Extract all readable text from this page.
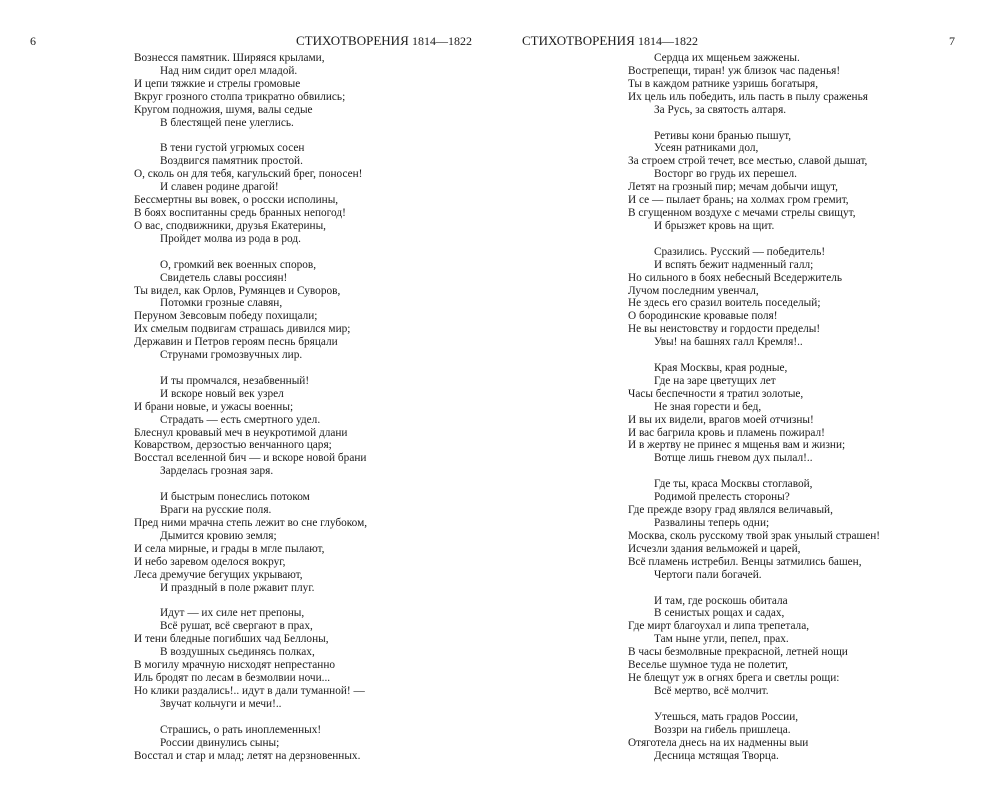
6	СТИХОТВОРЕНИЯ 1814—1822
Вознесся памятник. Ширяяся крылами,
Над ним сидит орел младой.
И цепи тяжкие и стрелы громовые
Вкруг грозного столпа трикратно обвились;
Кругом подножия, шумя, валы седые
В блестящей пене улеглись.
В тени густой угрюмых сосен
Воздвигся памятник простой.
О, сколь он для тебя, кагульский брег, поносен!
И славен родине драгой!
Бессмертны вы вовек, о росски исполины,
В боях воспитанны средь бранных непогод!
О вас, сподвижники, друзья Екатерины,
Пройдет молва из рода в род.
О, громкий век военных споров,
Свидетель славы россиян!
Ты видел, как Орлов, Румянцев и Суворов,
Потомки грозные славян,
Перуном Зевсовым победу похищали;
Их смелым подвигам страшась дивился мир;
Державин и Петров героям песнь бряцали
Струнами громозвучных лир.
И ты промчался, незабвенный!
И вскоре новый век узрел
И брани новые, и ужасы военны;
Страдать — есть смертного удел.
Блеснул кровавый меч в неукротимой длани
Коварством, дерзостью венчанного царя;
Восстал вселенной бич — и вскоре новой брани
Зарделась грозная заря.
И быстрым понеслись потоком
Враги на русские поля.
Пред ними мрачна степь лежит во сне глубоком,
Дымится кровию земля;
И села мирные, и грады в мгле пылают,
И небо заревом оделося вокруг,
Леса дремучие бегущих укрывают,
И праздный в поле ржавит плуг.
Идут — их силе нет препоны,
Всё рушат, всё свергают в прах,
И тени бледные погибших чад Беллоны,
В воздушных сьединясь полках,
В могилу мрачную нисходят непрестанно
Иль бродят по лесам в безмолвии ночи...
Но клики раздались!.. идут в дали туманной! —
Звучат кольчуги и мечи!..
Страшись, о рать иноплеменных!
России двинулись сыны;
Восстал и стар и млад; летят на дерзновенных.
7
СТИХОТВОРЕНИЯ 1814—1822
Сердца их мщеньем зажжены.
Вострепещи, тиран! уж близок час паденья!
Ты в каждом ратнике узришь богатыря,
Их цель иль победить, иль пасть в пылу сраженья
За Русь, за святость алтаря.
Ретивы кони бранью пышут,
Усеян ратниками дол,
За строем строй течет, все местью, славой дышат,
Восторг во грудь их перешел.
Летят на грозный пир; мечам добычи ищут,
И се — пылает брань; на холмах гром гремит,
В сгущенном воздухе с мечами стрелы свищут,
И брызжет кровь на щит.
Сразились. Русский — победитель!
И вспять бежит надменный галл;
Но сильного в боях небесный Вседержитель
Лучом последним увенчал,
Не здесь его сразил воитель поседелый;
О бородинские кровавые поля!
Не вы неистовству и гордости пределы!
Увы! на башнях галл Кремля!..
Края Москвы, края родные,
Где на заре цветущих лет
Часы беспечности я тратил золотые,
Не зная горести и бед,
И вы их видели, врагов моей отчизны!
И вас багрила кровь и пламень пожирал!
И в жертву не принес я мщенья вам и жизни;
Вотще лишь гневом дух пылал!..
Где ты, краса Москвы стоглавой,
Родимой прелесть стороны?
Где прежде взору град являлся величавый,
Развалины теперь одни;
Москва, сколь русскому твой зрак унылый страшен!
Исчезли здания вельможей и царей,
Всё пламень истребил. Венцы затмились башен,
Чертоги пали богачей.
И там, где роскошь обитала
В сенистых рощах и садах,
Где мирт благоухал и липа трепетала,
Там ныне угли, пепел, прах.
В часы безмолвные прекрасной, летней нощи
Веселье шумное туда не полетит,
Не блещут уж в огнях брега и светлы рощи:
Всё мертво, всё молчит.
Утешься, мать градов России,
Воззри на гибель пришлеца.
Отяготела днесь на их надменны выи
Десница мстящая Творца.
